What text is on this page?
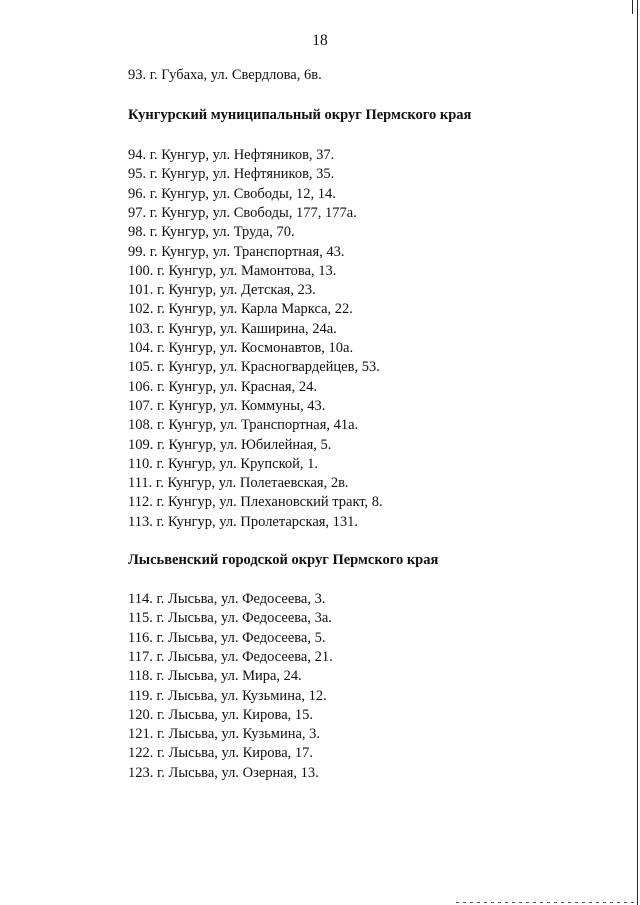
18
93. г. Губаха, ул. Свердлова, 6в.
Кунгурский муниципальный округ Пермского края
94. г. Кунгур, ул. Нефтяников, 37.
95. г. Кунгур, ул. Нефтяников, 35.
96. г. Кунгур, ул. Свободы, 12, 14.
97. г. Кунгур, ул. Свободы, 177, 177а.
98. г. Кунгур, ул. Труда, 70.
99. г. Кунгур, ул. Транспортная, 43.
100. г. Кунгур, ул. Мамонтова, 13.
101. г. Кунгур, ул. Детская, 23.
102. г. Кунгур, ул. Карла Маркса, 22.
103. г. Кунгур, ул. Каширина, 24а.
104. г. Кунгур, ул. Космонавтов, 10а.
105. г. Кунгур, ул. Красногвардейцев, 53.
106. г. Кунгур, ул. Красная, 24.
107. г. Кунгур, ул. Коммуны, 43.
108. г. Кунгур, ул. Транспортная, 41а.
109. г. Кунгур, ул. Юбилейная, 5.
110. г. Кунгур, ул. Крупской, 1.
111. г. Кунгур, ул. Полетаевская, 2в.
112. г. Кунгур, ул. Плехановский тракт, 8.
113. г. Кунгур, ул. Пролетарская, 131.
Лысьвенский городской округ Пермского края
114. г. Лысьва, ул. Федосеева, 3.
115. г. Лысьва, ул. Федосеева, 3а.
116. г. Лысьва, ул. Федосеева, 5.
117. г. Лысьва, ул. Федосеева, 21.
118. г. Лысьва, ул. Мира, 24.
119. г. Лысьва, ул. Кузьмина, 12.
120. г. Лысьва, ул. Кирова, 15.
121. г. Лысьва, ул. Кузьмина, 3.
122. г. Лысьва, ул. Кирова, 17.
123. г. Лысьва, ул. Озерная, 13.
